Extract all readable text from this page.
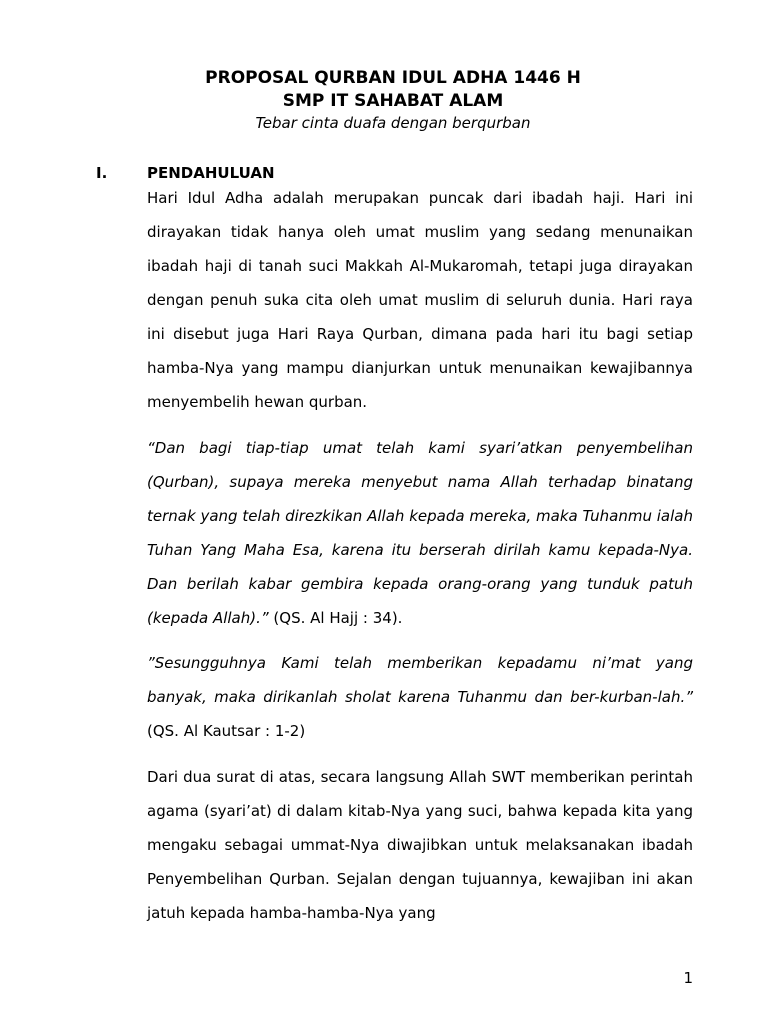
PROPOSAL QURBAN IDUL ADHA 1446 H
SMP IT SAHABAT ALAM
Tebar cinta duafa dengan berqurban
I.	PENDAHULUAN

Hari Idul Adha adalah merupakan puncak dari ibadah haji. Hari ini dirayakan tidak hanya oleh umat muslim yang sedang menunaikan ibadah haji di tanah suci Makkah Al-Mukaromah, tetapi juga dirayakan dengan penuh suka cita oleh umat muslim di seluruh dunia. Hari raya ini disebut juga Hari Raya Qurban, dimana pada hari itu bagi setiap hamba-Nya yang mampu dianjurkan untuk menunaikan kewajibannya menyembelih hewan qurban.

“Dan bagi tiap-tiap umat telah kami syari’atkan penyembelihan (Qurban), supaya mereka menyebut nama Allah terhadap binatang ternak yang telah direzkikan Allah kepada mereka, maka Tuhanmu ialah Tuhan Yang Maha Esa, karena itu berserah dirilah kamu kepada-Nya. Dan berilah kabar gembira kepada orang-orang yang tunduk patuh (kepada Allah).” (QS. Al Hajj : 34).

”Sesungguhnya Kami telah memberikan kepadamu ni’mat yang banyak, maka dirikanlah sholat karena Tuhanmu dan ber-kurban-lah.” (QS. Al Kautsar : 1-2)

Dari dua surat di atas, secara langsung Allah SWT memberikan perintah agama (syari’at) di dalam kitab-Nya yang suci, bahwa kepada kita yang mengaku sebagai ummat-Nya diwajibkan untuk melaksanakan ibadah Penyembelihan Qurban. Sejalan dengan tujuannya, kewajiban ini akan jatuh kepada hamba-hamba-Nya yang

1
